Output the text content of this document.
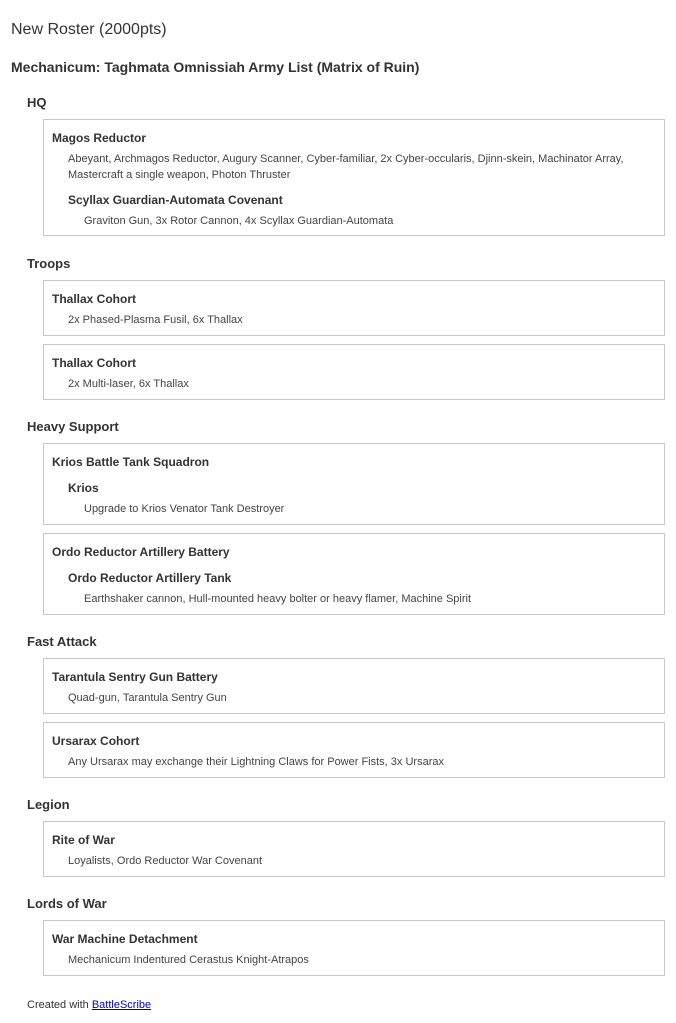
New Roster (2000pts)
Mechanicum: Taghmata Omnissiah Army List (Matrix of Ruin)
HQ
Magos Reductor
Abeyant, Archmagos Reductor, Augury Scanner, Cyber-familiar, 2x Cyber-occularis, Djinn-skein, Machinator Array, Mastercraft a single weapon, Photon Thruster
Scyllax Guardian-Automata Covenant
Graviton Gun, 3x Rotor Cannon, 4x Scyllax Guardian-Automata
Troops
Thallax Cohort
2x Phased-Plasma Fusil, 6x Thallax
Thallax Cohort
2x Multi-laser, 6x Thallax
Heavy Support
Krios Battle Tank Squadron
Krios
Upgrade to Krios Venator Tank Destroyer
Ordo Reductor Artillery Battery
Ordo Reductor Artillery Tank
Earthshaker cannon, Hull-mounted heavy bolter or heavy flamer, Machine Spirit
Fast Attack
Tarantula Sentry Gun Battery
Quad-gun, Tarantula Sentry Gun
Ursarax Cohort
Any Ursarax may exchange their Lightning Claws for Power Fists, 3x Ursarax
Legion
Rite of War
Loyalists, Ordo Reductor War Covenant
Lords of War
War Machine Detachment
Mechanicum Indentured Cerastus Knight-Atrapos
Created with BattleScribe
